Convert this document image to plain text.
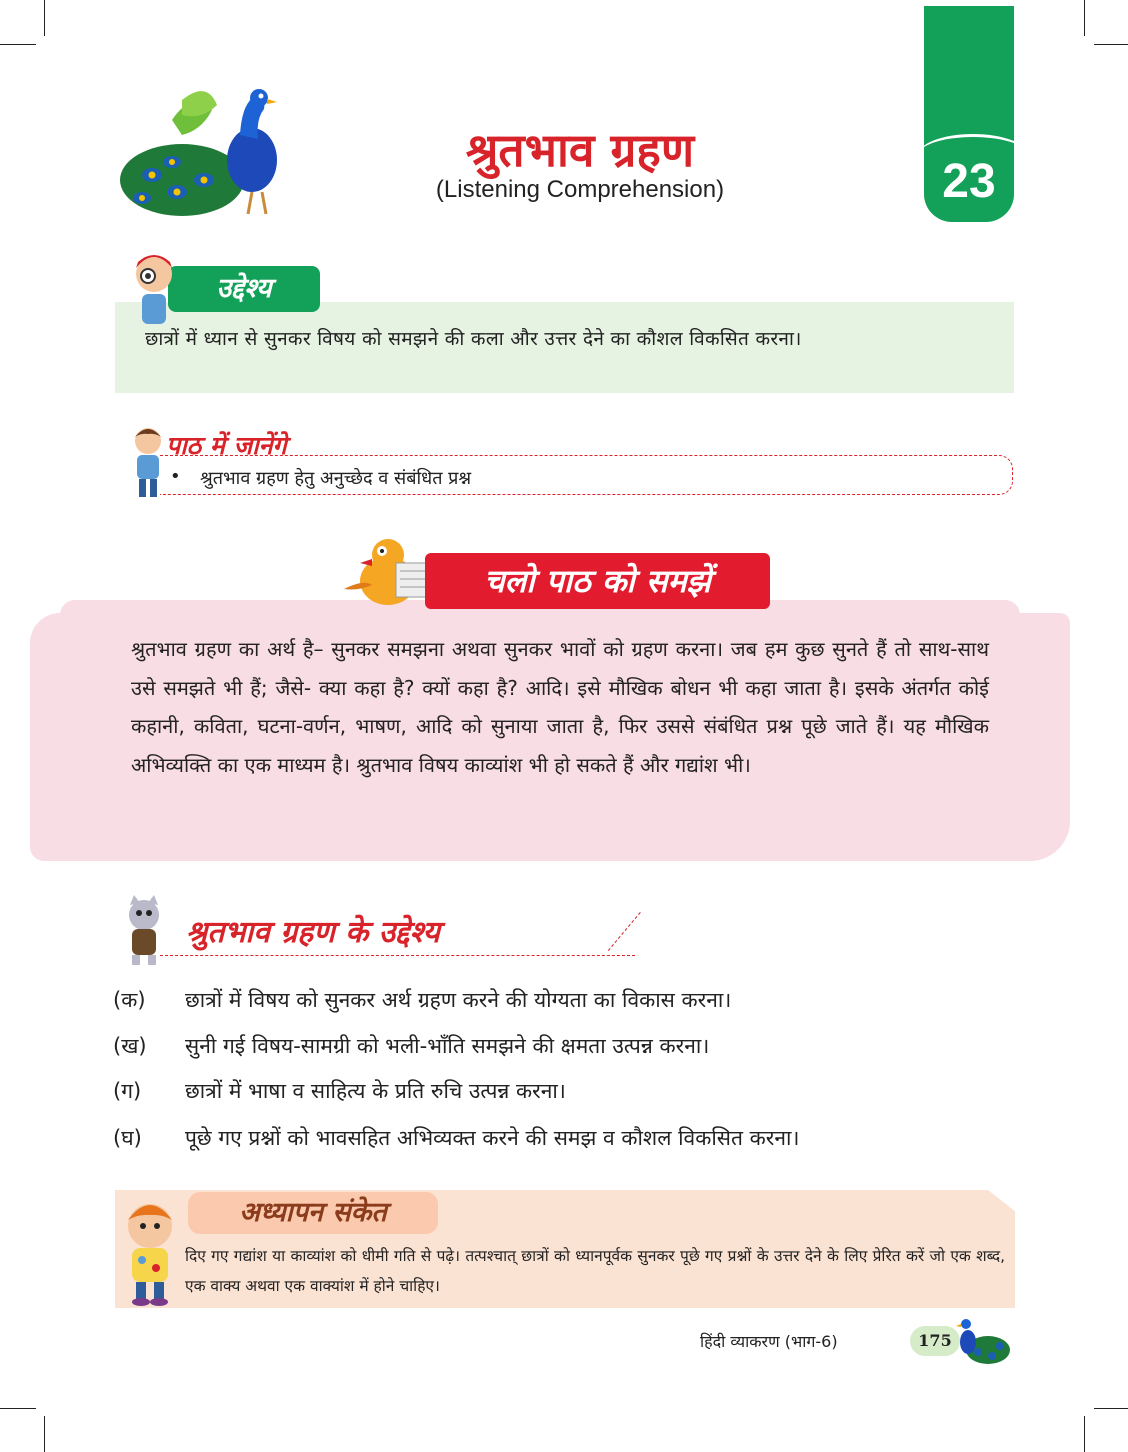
श्रुतभाव ग्रहण
(Listening Comprehension)	23
उद्देश्य
छात्रों में ध्यान से सुनकर विषय को समझने की कला और उत्तर देने का कौशल विकसित करना।
पाठ में जानेंगे
• श्रुतभाव ग्रहण हेतु अनुच्छेद व संबंधित प्रश्न
चलो पाठ को समझें
श्रुतभाव ग्रहण का अर्थ है– सुनकर समझना अथवा सुनकर भावों को ग्रहण करना। जब हम कुछ सुनते हैं तो साथ-साथ उसे समझते भी हैं; जैसे- क्या कहा है? क्यों कहा है? आदि। इसे मौखिक बोधन भी कहा जाता है। इसके अंतर्गत कोई कहानी, कविता, घटना-वर्णन, भाषण, आदि को सुनाया जाता है, फिर उससे संबंधित प्रश्न पूछे जाते हैं। यह मौखिक अभिव्यक्ति का एक माध्यम है। श्रुतभाव विषय काव्यांश भी हो सकते हैं और गद्यांश भी।
श्रुतभाव ग्रहण के उद्देश्य
(क) छात्रों में विषय को सुनकर अर्थ ग्रहण करने की योग्यता का विकास करना।
(ख) सुनी गई विषय-सामग्री को भली-भाँति समझने की क्षमता उत्पन्न करना।
(ग) छात्रों में भाषा व साहित्य के प्रति रुचि उत्पन्न करना।
(घ) पूछे गए प्रश्नों को भावसहित अभिव्यक्त करने की समझ व कौशल विकसित करना।
अध्यापन संकेत
दिए गए गद्यांश या काव्यांश को धीमी गति से पढ़े। तत्पश्चात् छात्रों को ध्यानपूर्वक सुनकर पूछे गए प्रश्नों के उत्तर देने के लिए प्रेरित करें जो एक शब्द, एक वाक्य अथवा एक वाक्यांश में होने चाहिए।
हिंदी व्याकरण (भाग-6)	175
